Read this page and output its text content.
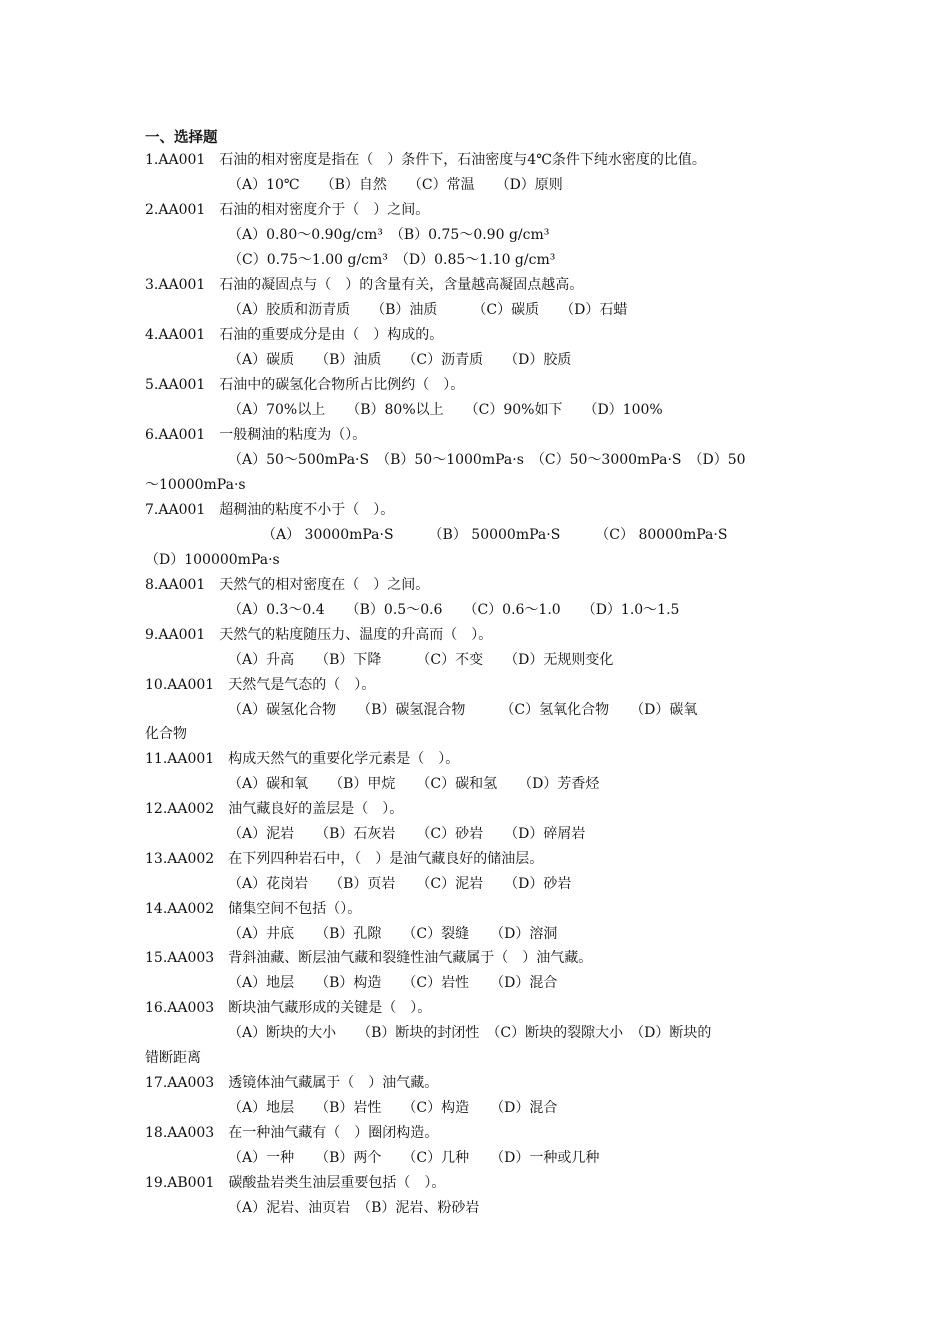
一、选择题
1.AA001　石油的相对密度是指在（　）条件下，石油密度与4℃条件下纯水密度的比值。
（A）10℃　　（B）自然　　（C）常温　　（D）原则
2.AA001　石油的相对密度介于（　）之间。
（A）0.80～0.90g/cm³　（B）0.75～0.90 g/cm³
（C）0.75～1.00 g/cm³　（D）0.85～1.10 g/cm³
3.AA001　石油的凝固点与（　）的含量有关，含量越高凝固点越高。
（A）胶质和沥青质　　（B）油质　　　（C）碳质　　（D）石蜡
4.AA001　石油的重要成分是由（　）构成的。
（A）碳质　　（B）油质　　（C）沥青质　　（D）胶质
5.AA001　石油中的碳氢化合物所占比例约（　）。
（A）70%以上　　（B）80%以上　　（C）90%如下　　（D）100%
6.AA001　一般稠油的粘度为（）。
（A）50～500mPa·S　（B）50～1000mPa·s　（C）50～3000mPa·S　（D）50
～10000mPa·s
7.AA001　超稠油的粘度不小于（　）。
（A） 30000mPa·S　　　（B） 50000mPa·S　　　（C） 80000mPa·S
（D）100000mPa·s
8.AA001　天然气的相对密度在（　）之间。
（A）0.3～0.4　　（B）0.5～0.6　　（C）0.6～1.0　　（D）1.0～1.5
9.AA001　天然气的粘度随压力、温度的升高而（　）。
（A）升高　　（B）下降　　　（C）不变　　（D）无规则变化
10.AA001　天然气是气态的（　）。
（A）碳氢化合物　　（B）碳氢混合物　　　（C）氢氧化合物　　（D）碳氧
化合物
11.AA001　构成天然气的重要化学元素是（　）。
（A）碳和氧　　（B）甲烷　　（C）碳和氢　　（D）芳香烃
12.AA002　油气藏良好的盖层是（　）。
（A）泥岩　　（B）石灰岩　　（C）砂岩　　（D）碎屑岩
13.AA002　在下列四种岩石中，（　）是油气藏良好的储油层。
（A）花岗岩　　（B）页岩　　（C）泥岩　　（D）砂岩
14.AA002　储集空间不包括（）。
（A）井底　　（B）孔隙　　（C）裂缝　　（D）溶洞
15.AA003　背斜油藏、断层油气藏和裂缝性油气藏属于（　）油气藏。
（A）地层　　（B）构造　　（C）岩性　　（D）混合
16.AA003　断块油气藏形成的关键是（　）。
（A）断块的大小　　（B）断块的封闭性　（C）断块的裂隙大小　（D）断块的
错断距离
17.AA003　透镜体油气藏属于（　）油气藏。
（A）地层　　（B）岩性　　（C）构造　　（D）混合
18.AA003　在一种油气藏有（　）圈闭构造。
（A）一种　　（B）两个　　（C）几种　　（D）一种或几种
19.AB001　碳酸盐岩类生油层重要包括（　）。
（A）泥岩、油页岩　（B）泥岩、粉砂岩
